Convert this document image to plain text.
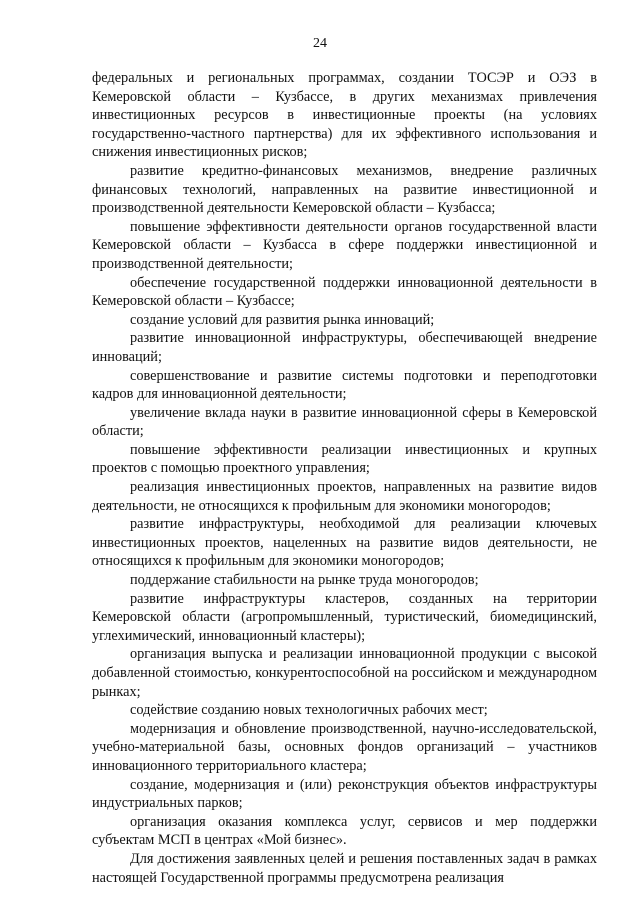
24

федеральных и региональных программах, создании ТОСЭР и ОЭЗ в Кемеровской области – Кузбассе, в других механизмах привлечения инвестиционных ресурсов в инвестиционные проекты (на условиях государственно-частного партнерства) для их эффективного использования и снижения инвестиционных рисков;

развитие кредитно-финансовых механизмов, внедрение различных финансовых технологий, направленных на развитие инвестиционной и производственной деятельности Кемеровской области – Кузбасса;

повышение эффективности деятельности органов государственной власти Кемеровской области – Кузбасса в сфере поддержки инвестиционной и производственной деятельности;

обеспечение государственной поддержки инновационной деятельности в Кемеровской области – Кузбассе;

создание условий для развития рынка инноваций;

развитие инновационной инфраструктуры, обеспечивающей внедрение инноваций;

совершенствование и развитие системы подготовки и переподготовки кадров для инновационной деятельности;

увеличение вклада науки в развитие инновационной сферы в Кемеровской области;

повышение эффективности реализации инвестиционных и крупных проектов с помощью проектного управления;

реализация инвестиционных проектов, направленных на развитие видов деятельности, не относящихся к профильным для экономики моногородов;

развитие инфраструктуры, необходимой для реализации ключевых инвестиционных проектов, нацеленных на развитие видов деятельности, не относящихся к профильным для экономики моногородов;

поддержание стабильности на рынке труда моногородов;

развитие инфраструктуры кластеров, созданных на территории Кемеровской области (агропромышленный, туристический, биомедицинский, углехимический, инновационный кластеры);

организация выпуска и реализации инновационной продукции с высокой добавленной стоимостью, конкурентоспособной на российском и международном рынках;

содействие созданию новых технологичных рабочих мест;

модернизация и обновление производственной, научно-исследовательской, учебно-материальной базы, основных фондов организаций – участников инновационного территориального кластера;

создание, модернизация и (или) реконструкция объектов инфраструктуры индустриальных парков;

организация оказания комплекса услуг, сервисов и мер поддержки субъектам МСП в центрах «Мой бизнес».

Для достижения заявленных целей и решения поставленных задач в рамках настоящей Государственной программы предусмотрена реализация
